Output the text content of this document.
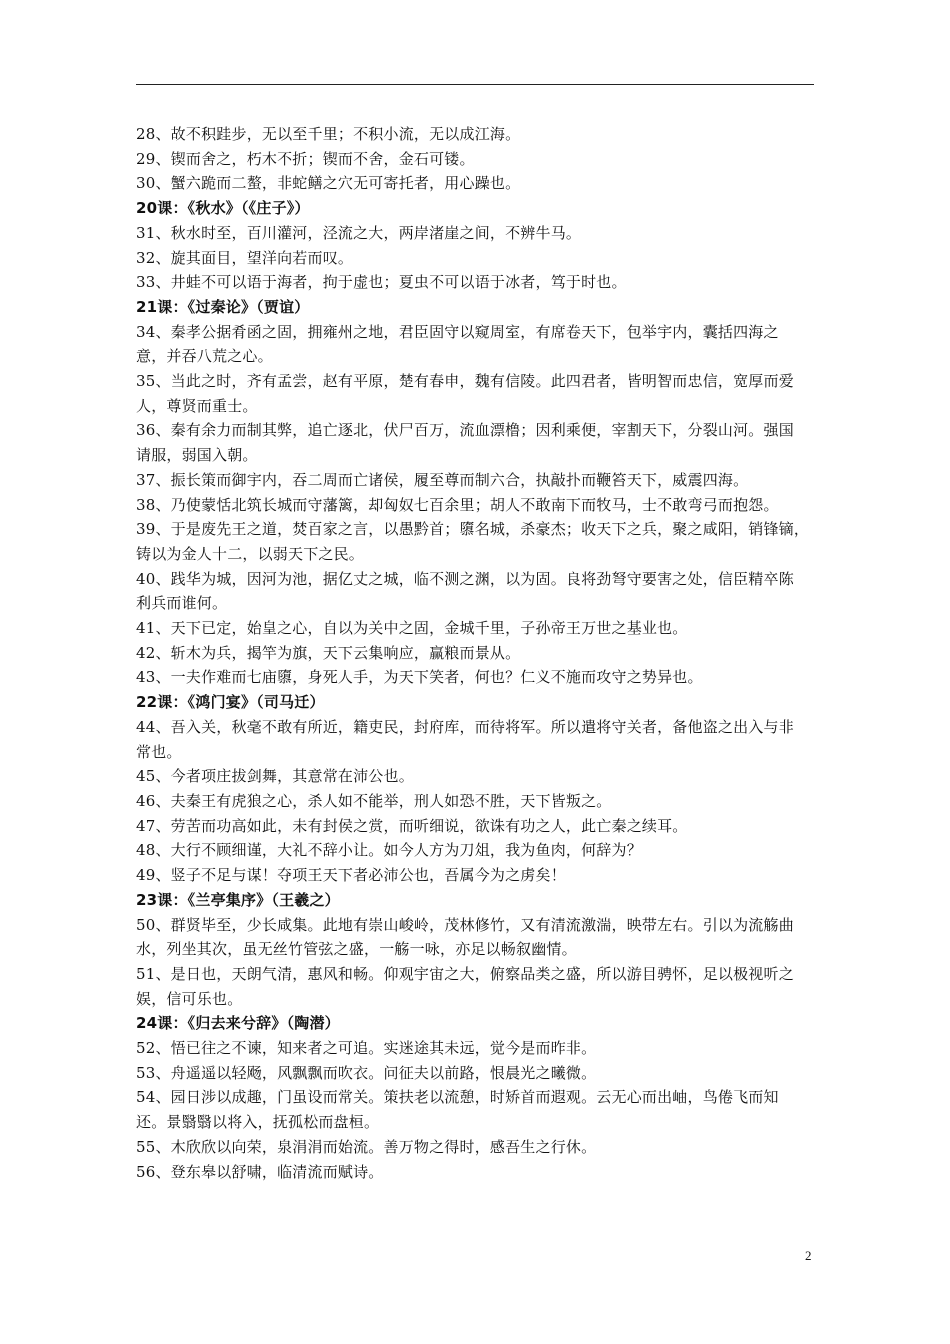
28、故不积跬步，无以至千里；不积小流，无以成江海。
29、锲而舍之，朽木不折；锲而不舍，金石可镂。
30、蟹六跪而二螯，非蛇鳝之穴无可寄托者，用心躁也。
20课：《秋水》（《庄子》）
31、秋水时至，百川灌河，泾流之大，两岸渚崖之间，不辨牛马。
32、旋其面目，望洋向若而叹。
33、井蛙不可以语于海者，拘于虚也；夏虫不可以语于冰者，笃于时也。
21课：《过秦论》（贾谊）
34、秦孝公据肴函之固，拥雍州之地，君臣固守以窥周室，有席卷天下，包举宇内，囊括四海之
意，并吞八荒之心。
35、当此之时，齐有孟尝，赵有平原，楚有春申，魏有信陵。此四君者，皆明智而忠信，宽厚而爱
人，尊贤而重士。
36、秦有余力而制其弊，追亡逐北，伏尸百万，流血漂橹；因利乘便，宰割天下，分裂山河。强国
请服，弱国入朝。
37、振长策而御宇内，吞二周而亡诸侯，履至尊而制六合，执敲扑而鞭笞天下，威震四海。
38、乃使蒙恬北筑长城而守藩篱，却匈奴七百余里；胡人不敢南下而牧马，士不敢弯弓而抱怨。
39、于是废先王之道，焚百家之言，以愚黔首；隳名城，杀豪杰；收天下之兵，聚之咸阳，销锋镝，
铸以为金人十二，以弱天下之民。
40、践华为城，因河为池，据亿丈之城，临不测之渊，以为固。良将劲弩守要害之处，信臣精卒陈
利兵而谁何。
41、天下已定，始皇之心，自以为关中之固，金城千里，子孙帝王万世之基业也。
42、斩木为兵，揭竿为旗，天下云集响应，赢粮而景从。
43、一夫作难而七庙隳，身死人手，为天下笑者，何也？仁义不施而攻守之势异也。
22课：《鸿门宴》（司马迁）
44、吾入关，秋毫不敢有所近，籍吏民，封府库，而待将军。所以遣将守关者，备他盗之出入与非
常也。
45、今者项庄拔剑舞，其意常在沛公也。
46、夫秦王有虎狼之心，杀人如不能举，刑人如恐不胜，天下皆叛之。
47、劳苦而功高如此，未有封侯之赏，而听细说，欲诛有功之人，此亡秦之续耳。
48、大行不顾细谨，大礼不辞小让。如今人方为刀俎，我为鱼肉，何辞为？
49、竖子不足与谋！夺项王天下者必沛公也，吾属今为之虏矣！
23课：《兰亭集序》（王羲之）
50、群贤毕至，少长咸集。此地有崇山峻岭，茂林修竹，又有清流激湍，映带左右。引以为流觞曲
水，列坐其次，虽无丝竹管弦之盛，一觞一咏，亦足以畅叙幽情。
51、是日也，天朗气清，惠风和畅。仰观宇宙之大，俯察品类之盛，所以游目骋怀，足以极视听之
娱，信可乐也。
24课：《归去来兮辞》（陶潜）
52、悟已往之不谏，知来者之可追。实迷途其未远，觉今是而昨非。
53、舟遥遥以轻飏，风飘飘而吹衣。问征夫以前路，恨晨光之曦微。
54、园日涉以成趣，门虽设而常关。策扶老以流憩，时矫首而遐观。云无心而出岫，鸟倦飞而知
还。景翳翳以将入，抚孤松而盘桓。
55、木欣欣以向荣，泉涓涓而始流。善万物之得时，感吾生之行休。
56、登东皋以舒啸，临清流而赋诗。
2
